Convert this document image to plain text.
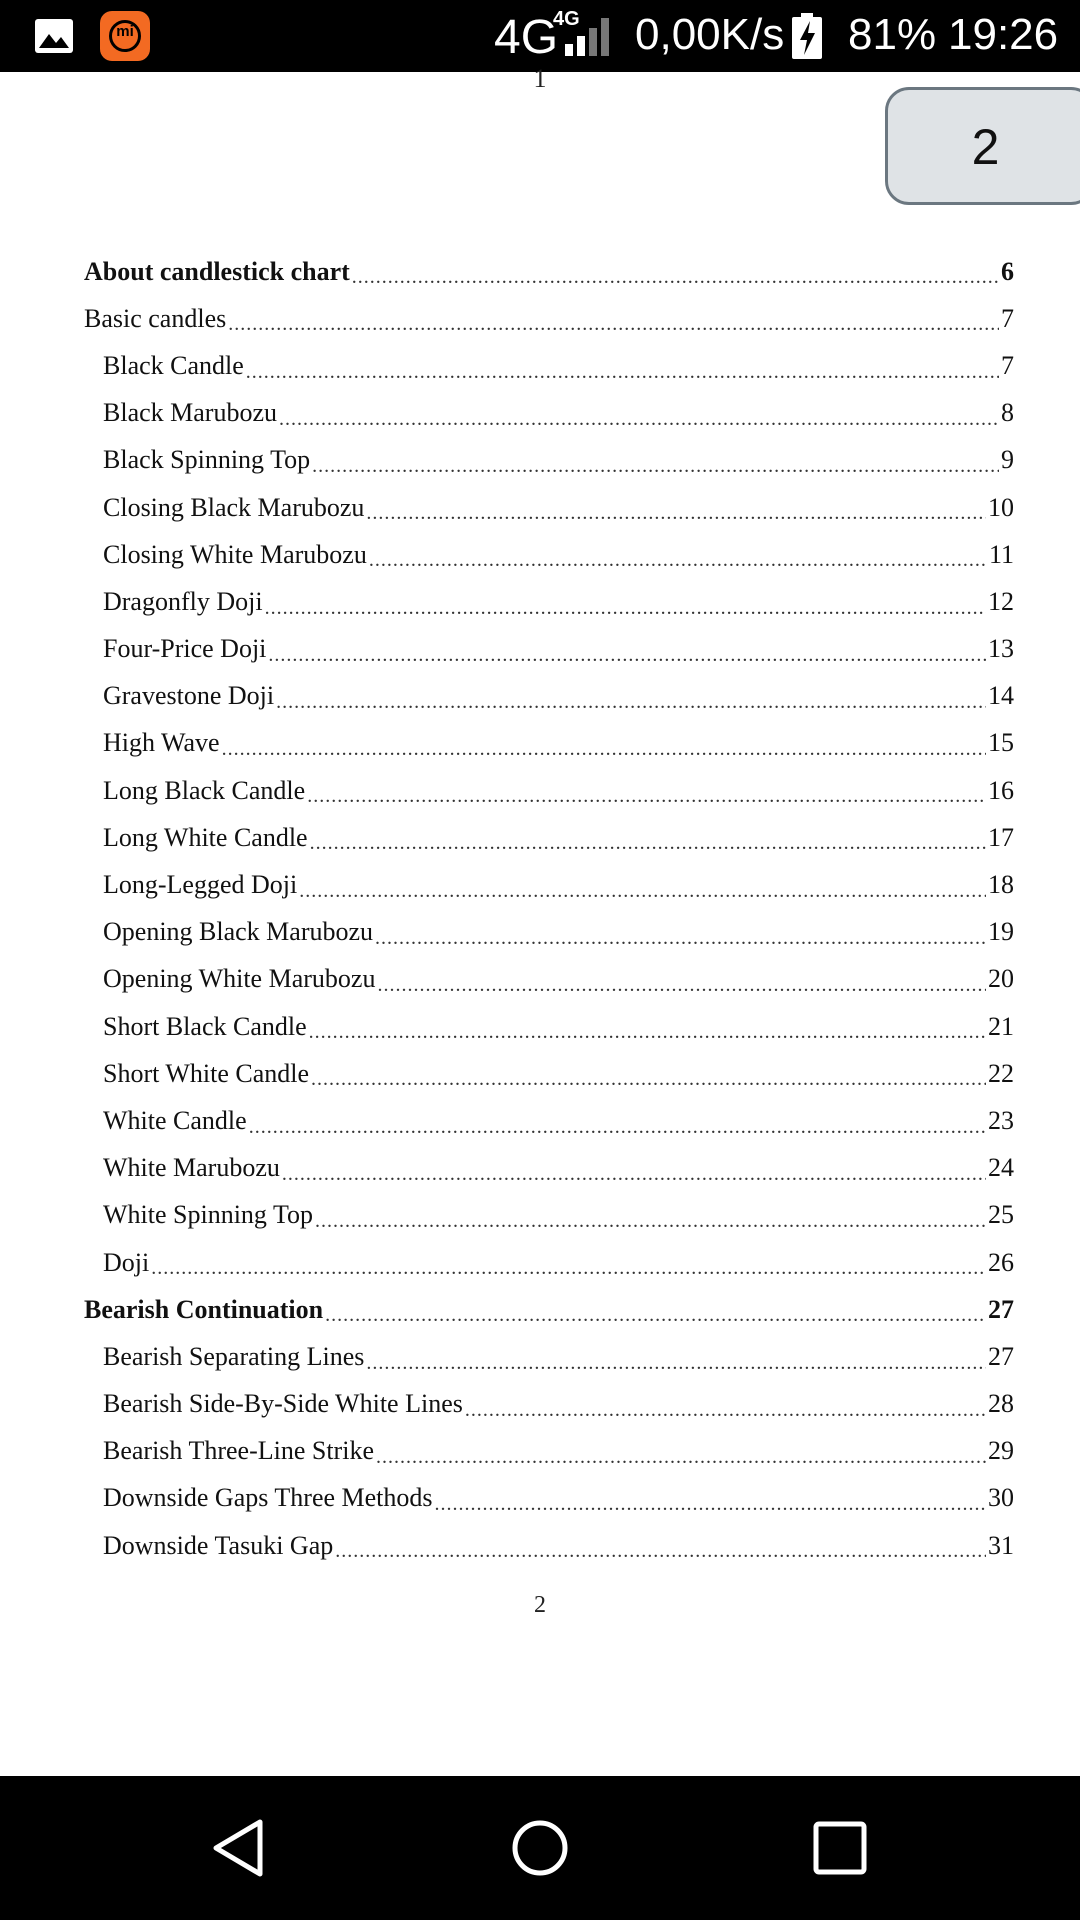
mi	4G
4G 0,00K/s 81% 19:26
1
2
About candlestick chart .....	6
Basic candles .....	7
Black Candle .....	7
Black Marubozu .....	8
Black Spinning Top .....	9
Closing Black Marubozu .....	10
Closing White Marubozu .....	11
Dragonfly Doji .....	12
Four-Price Doji .....	13
Gravestone Doji .....	14
High Wave .....	15
Long Black Candle .....	16
Long White Candle .....	17
Long-Legged Doji .....	18
Opening Black Marubozu .....	19
Opening White Marubozu .....	20
Short Black Candle .....	21
Short White Candle .....	22
White Candle .....	23
White Marubozu .....	24
White Spinning Top .....	25
Doji .....	26
Bearish Continuation .....	27
Bearish Separating Lines .....	27
Bearish Side-By-Side White Lines .....	28
Bearish Three-Line Strike .....	29
Downside Gaps Three Methods .....	30
Downside Tasuki Gap .....	31
2
